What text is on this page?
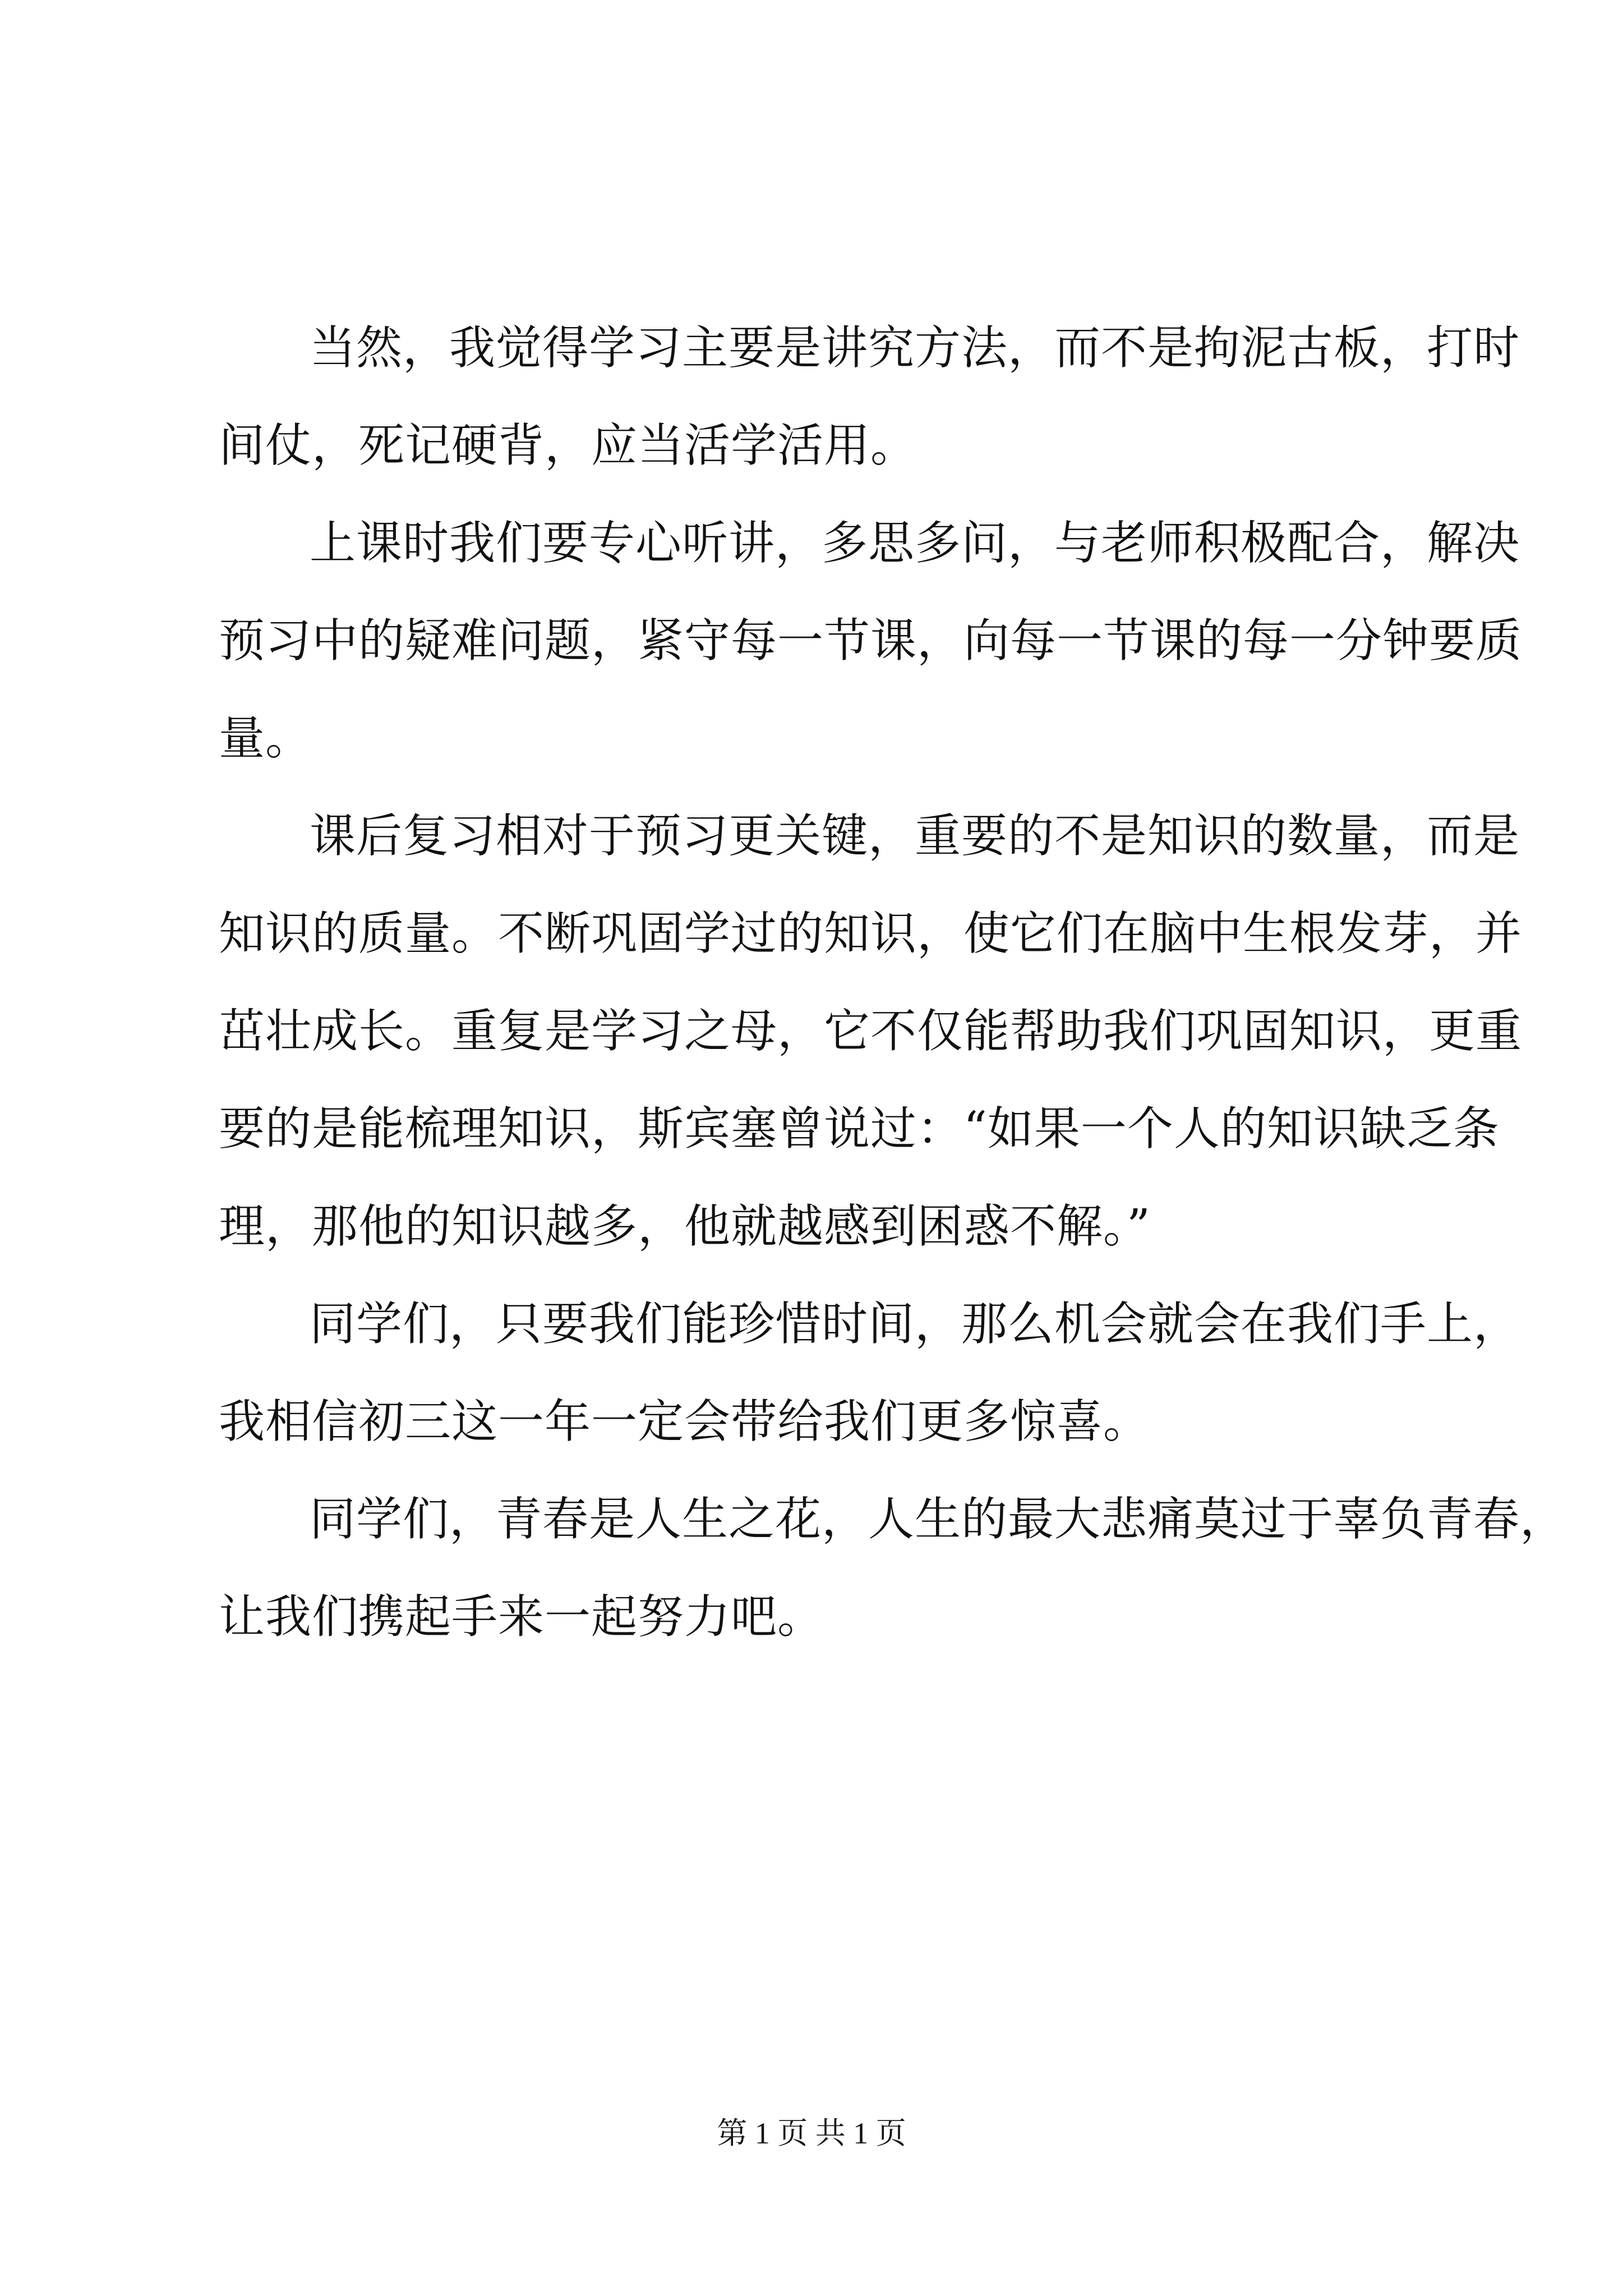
当然，我觉得学习主要是讲究方法，而不是拘泥古板，打时
间仗，死记硬背，应当活学活用。
上课时我们要专心听讲，多思多问，与老师积极配合，解决
预习中的疑难问题，紧守每一节课，向每一节课的每一分钟要质
量。
课后复习相对于预习更关键，重要的不是知识的数量，而是
知识的质量。不断巩固学过的知识，使它们在脑中生根发芽，并
茁壮成长。重复是学习之母，它不仅能帮助我们巩固知识，更重
要的是能梳理知识，斯宾塞曾说过：“如果一个人的知识缺乏条
理，那他的知识越多，他就越感到困惑不解。”
同学们，只要我们能珍惜时间，那么机会就会在我们手上，
我相信初三这一年一定会带给我们更多惊喜。
同学们，青春是人生之花，人生的最大悲痛莫过于辜负青春，
让我们携起手来一起努力吧。
第 1 页 共 1 页
